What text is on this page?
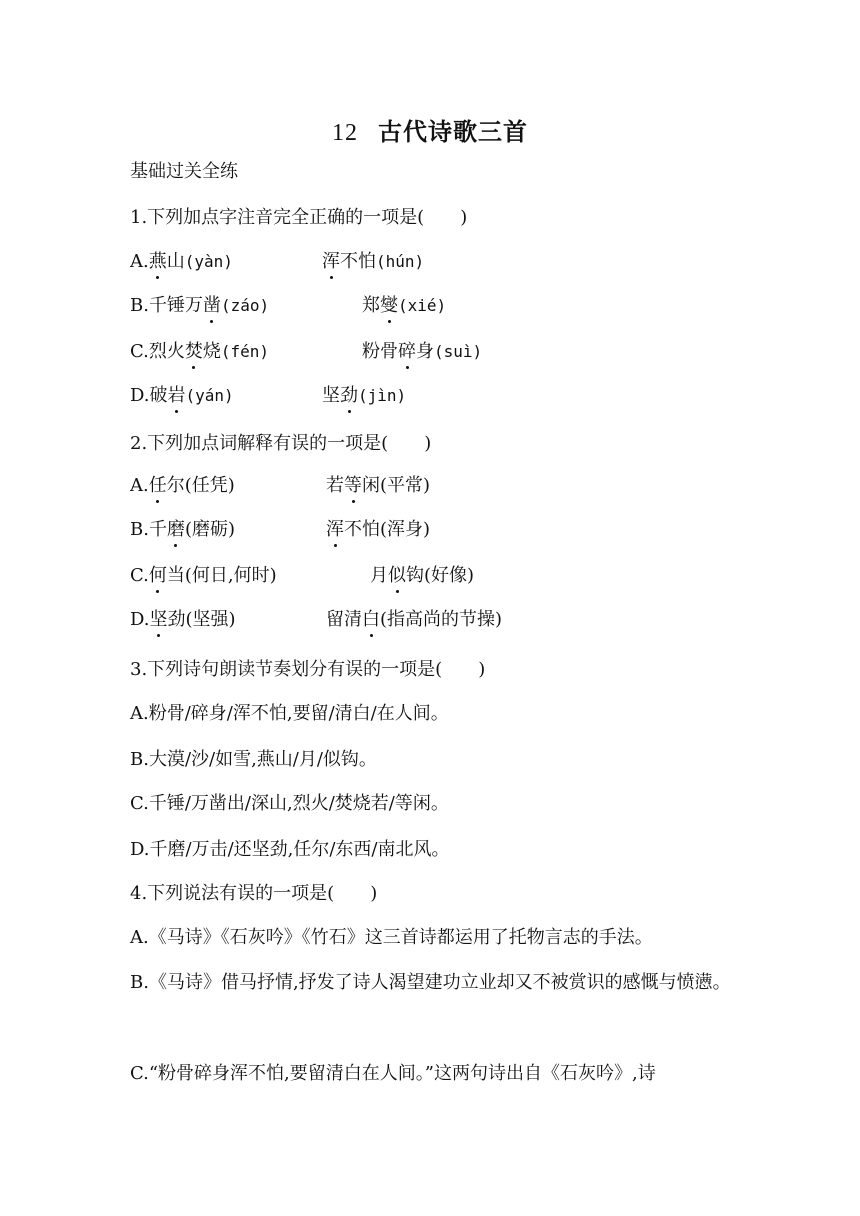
12 古代诗歌三首
基础过关全练
1.下列加点字注音完全正确的一项是( )
A.燕山(yàn)	浑不怕(hún)
B.千锤万凿(záo)	郑燮(xié)
C.烈火焚烧(fén)	粉骨碎身(suì)
D.破岩(yán)	坚劲(jìn)
2.下列加点词解释有误的一项是( )
A.任尔(任凭)	若等闲(平常)
B.千磨(磨砺)	浑不怕(浑身)
C.何当(何日,何时)	月似钩(好像)
D.坚劲(坚强)	留清白(指高尚的节操)
3.下列诗句朗读节奏划分有误的一项是( )
A.粉骨/碎身/浑不怕,要留/清白/在人间。
B.大漠/沙/如雪,燕山/月/似钩。
C.千锤/万凿出/深山,烈火/焚烧若/等闲。
D.千磨/万击/还坚劲,任尔/东西/南北风。
4.下列说法有误的一项是( )
A.《马诗》《石灰吟》《竹石》这三首诗都运用了托物言志的手法。
B.《马诗》借马抒情,抒发了诗人渴望建功立业却又不被赏识的感慨与愤懑。
C.“粉骨碎身浑不怕,要留清白在人间。”这两句诗出自《石灰吟》,诗
